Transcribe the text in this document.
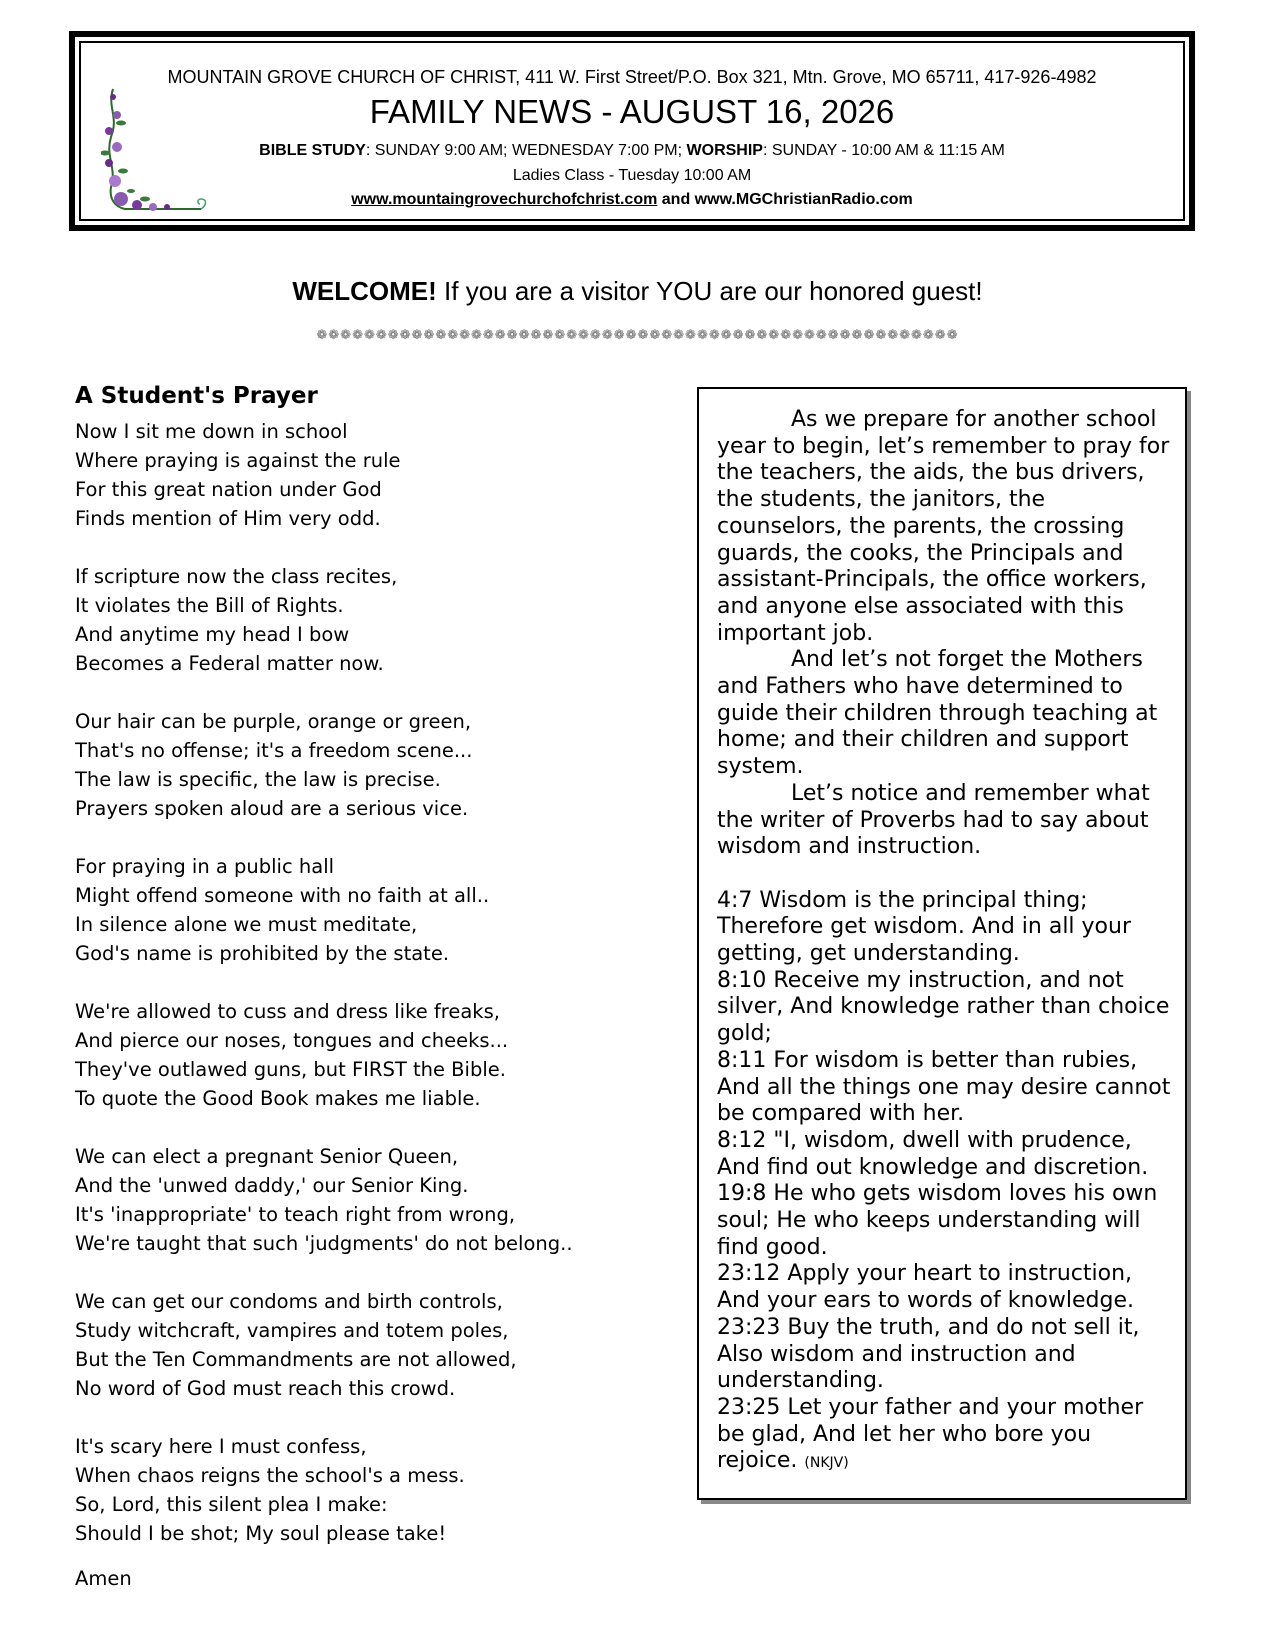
MOUNTAIN GROVE CHURCH OF CHRIST, 411 W. First Street/P.O. Box 321, Mtn. Grove, MO 65711, 417-926-4982
FAMILY NEWS - AUGUST 16, 2026
BIBLE STUDY: SUNDAY 9:00 AM; WEDNESDAY 7:00 PM; WORSHIP: SUNDAY - 10:00 AM & 11:15 AM
Ladies Class - Tuesday 10:00 AM
www.mountaingrovechurchofchrist.com and www.MGChristianRadio.com
WELCOME! If you are a visitor YOU are our honored guest!
❁❁❁❁❁❁❁❁❁❁❁❁❁❁❁❁❁❁❁❁❁❁❁❁❁❁❁❁❁❁❁❁❁❁❁❁❁❁❁❁❁❁❁❁❁❁❁❁❁❁❁❁❁❁
A Student's Prayer
Now I sit me down in school
Where praying is against the rule
For this great nation under God
Finds mention of Him very odd.
If scripture now the class recites,
It violates the Bill of Rights.
And anytime my head I bow
Becomes a Federal matter now.
Our hair can be purple, orange or green,
That's no offense; it's a freedom scene...
The law is specific, the law is precise.
Prayers spoken aloud are a serious vice.
For praying in a public hall
Might offend someone with no faith at all..
In silence alone we must meditate,
God's name is prohibited by the state.
We're allowed to cuss and dress like freaks,
And pierce our noses, tongues and cheeks...
They've outlawed guns, but FIRST the Bible.
To quote the Good Book makes me liable.
We can elect a pregnant Senior Queen,
And the 'unwed daddy,' our Senior King.
It's 'inappropriate' to teach right from wrong,
We're taught that such 'judgments' do not belong..
We can get our condoms and birth controls,
Study witchcraft, vampires and totem poles,
But the Ten Commandments are not allowed,
No word of God must reach this crowd.
It's scary here I must confess,
When chaos reigns the school's a mess.
So, Lord, this silent plea I make:
Should I be shot; My soul please take!
Amen

As we prepare for another school year to begin, let’s remember to pray for the teachers, the aids, the bus drivers, the students, the janitors, the counselors, the parents, the crossing guards, the cooks, the Principals and assistant-Principals, the office workers, and anyone else associated with this important job.

And let’s not forget the Mothers and Fathers who have determined to guide their children through teaching at home; and their children and support system.

Let’s notice and remember what the writer of Proverbs had to say about wisdom and instruction.

4:7 Wisdom is the principal thing; Therefore get wisdom. And in all your getting, get understanding.

8:10 Receive my instruction, and not silver, And knowledge rather than choice gold;

8:11 For wisdom is better than rubies, And all the things one may desire cannot be compared with her.

8:12 "I, wisdom, dwell with prudence, And find out knowledge and discretion.

19:8 He who gets wisdom loves his own soul; He who keeps understanding will find good.

23:12 Apply your heart to instruction, And your ears to words of knowledge.

23:23 Buy the truth, and do not sell it, Also wisdom and instruction and understanding.

23:25 Let your father and your mother be glad, And let her who bore you rejoice. (NKJV)
